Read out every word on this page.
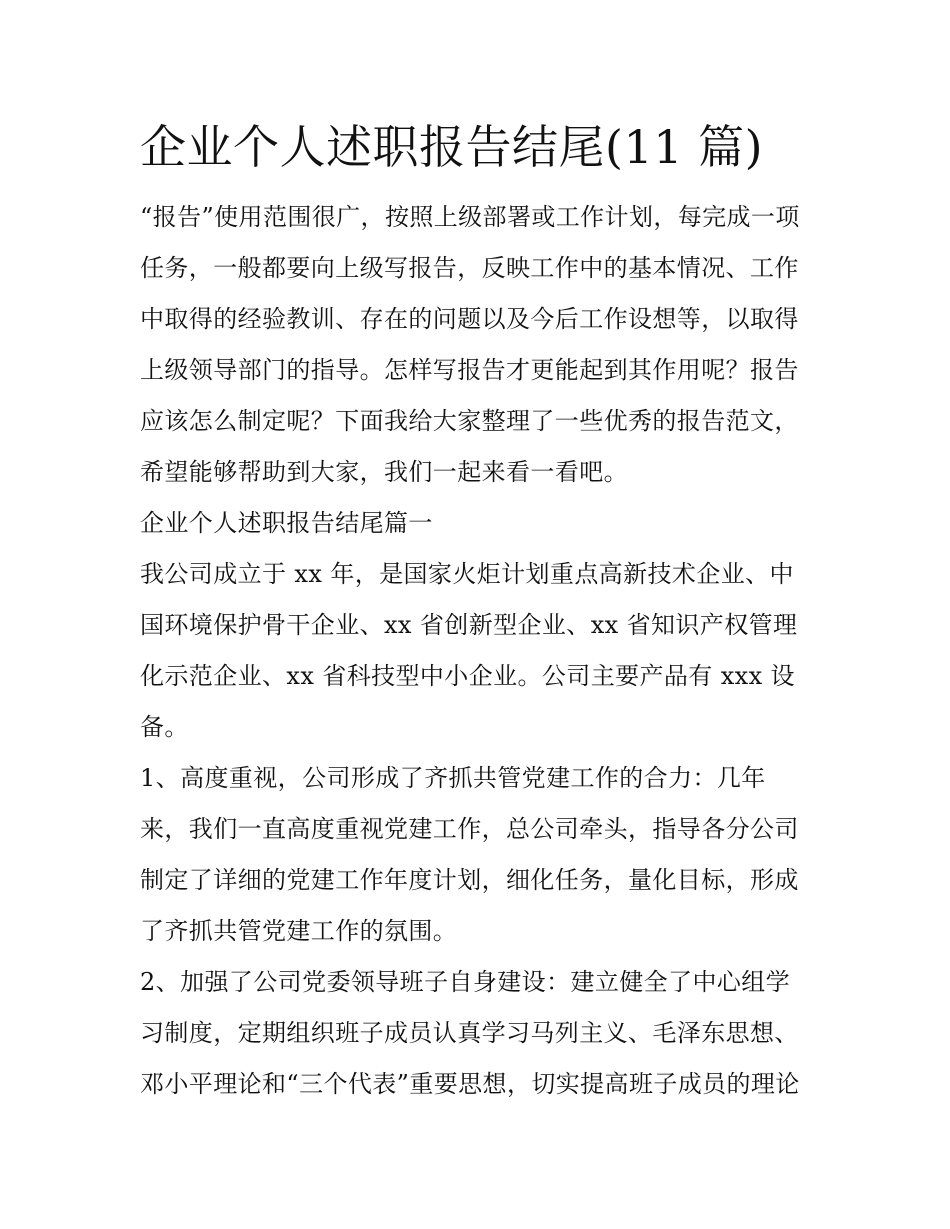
企业个人述职报告结尾(11 篇)
“报告”使用范围很广，按照上级部署或工作计划，每完成一项
任务，一般都要向上级写报告，反映工作中的基本情况、工作
中取得的经验教训、存在的问题以及今后工作设想等，以取得
上级领导部门的指导。怎样写报告才更能起到其作用呢？报告
应该怎么制定呢？下面我给大家整理了一些优秀的报告范文，
希望能够帮助到大家，我们一起来看一看吧。
企业个人述职报告结尾篇一
我公司成立于 xx 年，是国家火炬计划重点高新技术企业、中
国环境保护骨干企业、xx 省创新型企业、xx 省知识产权管理
化示范企业、xx 省科技型中小企业。公司主要产品有 xxx 设
备。
1、高度重视，公司形成了齐抓共管党建工作的合力：几年
来，我们一直高度重视党建工作，总公司牵头，指导各分公司
制定了详细的党建工作年度计划，细化任务，量化目标，形成
了齐抓共管党建工作的氛围。
2、加强了公司党委领导班子自身建设：建立健全了中心组学
习制度，定期组织班子成员认真学习马列主义、毛泽东思想、
邓小平理论和“三个代表”重要思想，切实提高班子成员的理论
